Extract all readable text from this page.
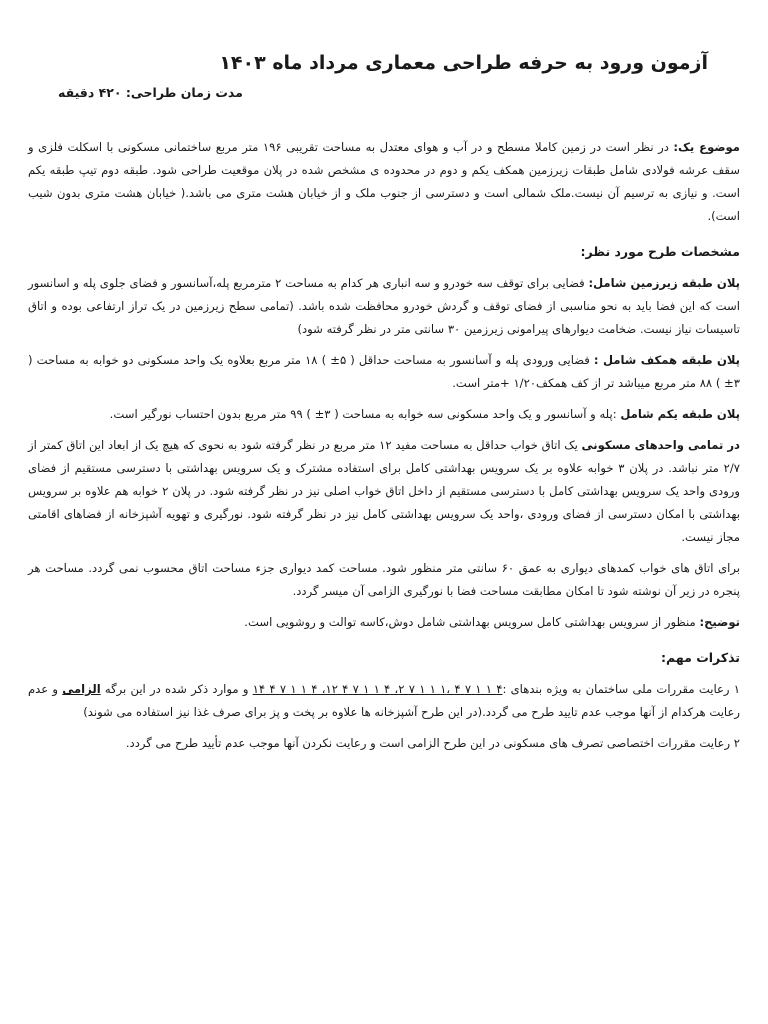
آزمون ورود به حرفه طراحی معماری مرداد ماه ۱۴۰۳
مدت زمان طراحی: ۴۲۰ دقیقه

موضوع یک: در نظر است در زمین کاملا مسطح و در آب و هوای معتدل به مساحت تقریبی ۱۹۶ متر مربع ساختمانی مسکونی با اسکلت فلزی و سقف عرشه فولادی شامل طبقات زیرزمین همکف یکم و دوم در محدوده ی مشخص شده در پلان موقعیت طراحی شود. طبقه دوم تیپ طبقه یکم است. و نیازی به ترسیم آن نیست.ملک شمالی است و دسترسی از جنوب ملک و از خیابان هشت متری می باشد.( خیابان هشت متری بدون شیب است).

مشخصات طرح مورد نظر:

پلان طبقه زیرزمین شامل: فضایی برای توقف سه خودرو و سه انباری هر کدام به مساحت ۲ مترمربع پله،آسانسور و فضای جلوی پله و اسانسور است که این فضا باید به نحو مناسبی از فضای توقف و گردش خودرو محافظت شده باشد. (تمامی سطح زیرزمین در یک تراز ارتفاعی بوده و اتاق تاسیسات نیاز نیست. ضخامت دیوارهای پیرامونی زیرزمین ۳۰ سانتی متر در نظر گرفته شود)

پلان طبقه همکف شامل : فضایی ورودی پله و آسانسور به مساحت حداقل ( ۵± ) ۱۸ متر مربع بعلاوه یک واحد مسکونی دو خوابه به مساحت ( ۳± ) ۸۸ متر مربع میباشد تر از کف همکف۱/۲۰ +متر است.

پلان طبقه یکم شامل :پله و آسانسور و یک واحد مسکونی سه خوابه به مساحت ( ۳± ) ۹۹ متر مربع بدون احتساب نورگیر است.

در تمامی واحدهای مسکونی یک اتاق خواب حداقل به مساحت مفید ۱۲ متر مربع در نظر گرفته شود به نحوی که هیچ یک از ابعاد این اتاق کمتر از ۲/۷ متر نباشد. در پلان ۳ خوابه علاوه بر یک سرویس بهداشتی کامل برای استفاده مشترک و یک سرویس بهداشتی با دسترسی مستقیم از فضای ورودی واحد یک سرویس بهداشتی کامل با دسترسی مستقیم از داخل اتاق خواب اصلی نیز در نظر گرفته شود. در پلان ۲ خوابه هم علاوه بر سرویس بهداشتی با امکان دسترسی از فضای ورودی ،واحد یک سرویس بهداشتی کامل نیز در نظر گرفته شود. نورگیری و تهویه آشپزخانه از فضاهای اقامتی مجاز نیست.

برای اتاق های خواب کمدهای دیواری به عمق ۶۰ سانتی متر منظور شود. مساحت کمد دیواری جزء مساحت اتاق محسوب نمی گردد. مساحت هر پنجره در زیر آن نوشته شود تا امکان مطابقت مساحت فضا با نورگیری الزامی آن میسر گردد.

توضیح: منظور از سرویس بهداشتی کامل سرویس بهداشتی شامل دوش،کاسه توالت و روشویی است.

تذکرات مهم:

۱ رعایت مقررات ملی ساختمان به ویژه بندهای :۴ ۱ ۱ ۷ ۴ ،۱ ۱ ۱ ۷ ۲، ۴ ۱ ۱ ۷ ۴ ۱۲، ۴ ۱ ۱ ۷ ۴ ۱۴ و موارد ذکر شده در این برگه الزامی و عدم رعایت هرکدام از آنها موجب عدم تایید طرح می گردد.(در این طرح آشپزخانه ها علاوه بر پخت و پز برای صرف غذا نیز استفاده می شوند)

۲ رعایت مقررات اختصاصی تصرف های مسکونی در این طرح الزامی است و رعایت نکردن آنها موجب عدم تأیید طرح می گردد.
